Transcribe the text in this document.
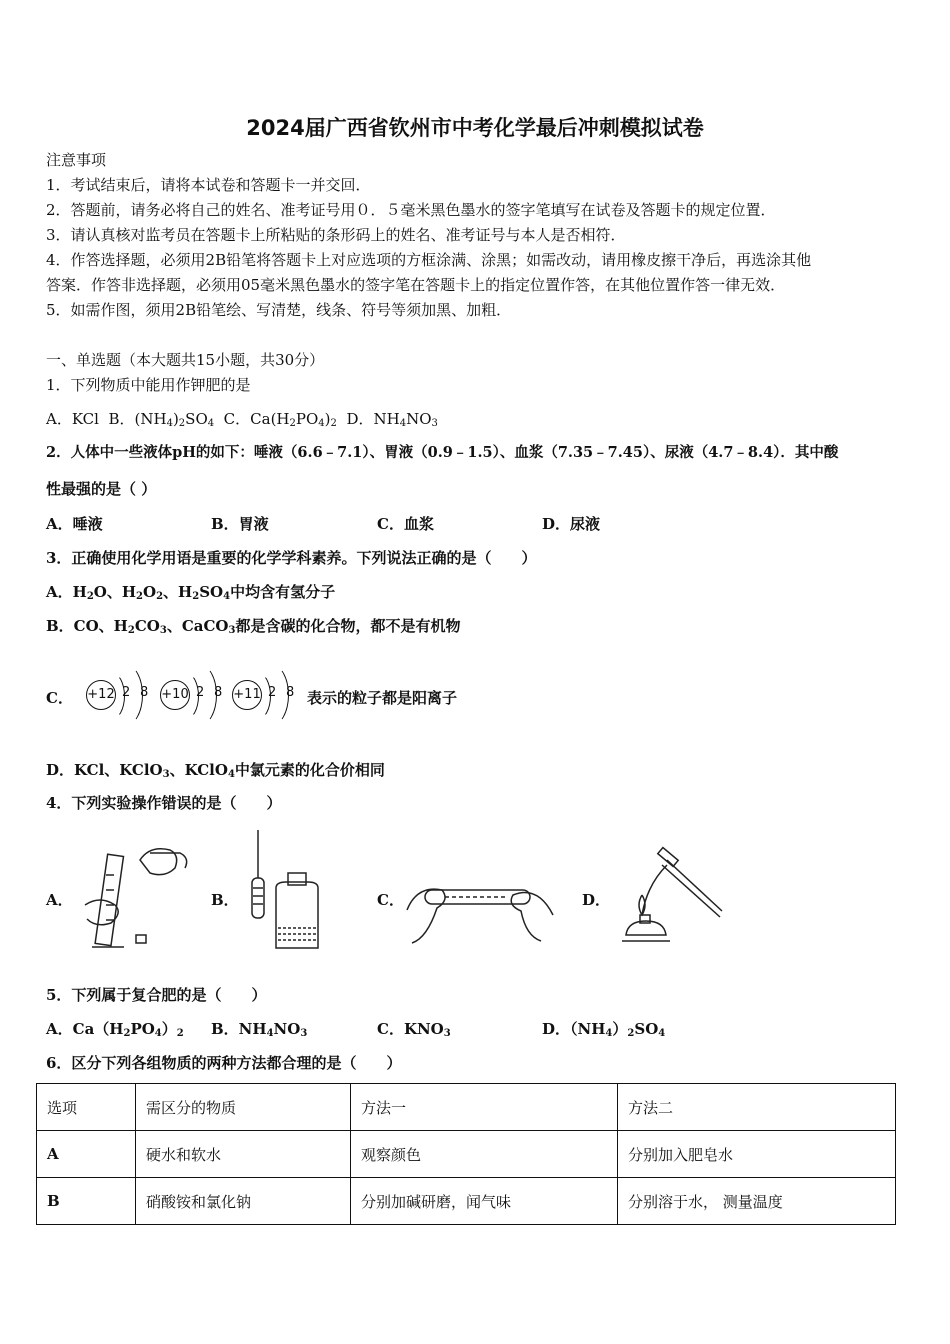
2024届广西省钦州市中考化学最后冲刺模拟试卷
注意事项
1．考试结束后，请将本试卷和答题卡一并交回．
2．答题前，请务必将自己的姓名、准考证号用０．５毫米黑色墨水的签字笔填写在试卷及答题卡的规定位置．
3．请认真核对监考员在答题卡上所粘贴的条形码上的姓名、准考证号与本人是否相符．
4．作答选择题，必须用2B铅笔将答题卡上对应选项的方框涂满、涂黑；如需改动，请用橡皮擦干净后，再选涂其他
答案．作答非选择题，必须用05毫米黑色墨水的签字笔在答题卡上的指定位置作答，在其他位置作答一律无效．
5．如需作图，须用2B铅笔绘、写清楚，线条、符号等须加黑、加粗．
一、单选题（本大题共15小题，共30分）
1．下列物质中能用作钾肥的是
A．KCl B．$(NH_4)_2SO_4$ C．$Ca(H_2PO_4)_2$ D．$NH_4NO_3$
2．人体中一些液体pH的如下：唾液（6.6﹣7.1）、胃液（0.9﹣1.5）、血浆（7.35﹣7.45）、尿液（4.7﹣8.4）．其中酸
性最强的是（ ）
A．唾液	B．胃液	C．血浆	D．尿液
3．正确使用化学用语是重要的化学学科素养。下列说法正确的是（　　）
A．$H_2O$、$H_2O_2$、$H_2SO_4$中均含有氢分子
B．CO、$H_2CO_3$、CaCO$_3$都是含碳的化合物，都不是有机物
C． +12 2 8 +10 2 8 +11 2 8 表示的粒子都是阳离子
D．KCl、KClO$_3$、KClO$_4$中氯元素的化合价相同
4．下列实验操作错误的是（　　）
A．	B．	C．	D．
5．下列属于复合肥的是（　　）
A．$Ca(H_2PO_4)_2$ B．$NH_4NO_3$	C．$KNO_3$	D．$(NH_4)_2SO_4$
6．区分下列各组物质的两种方法都合理的是（　　）
选项	需区分的物质	方法一	方法二
A	硬水和软水	观察颜色	分别加入肥皂水
B	硝酸铵和氯化钠	分别加碱研磨，闻气味	分别溶于水， 测量温度
